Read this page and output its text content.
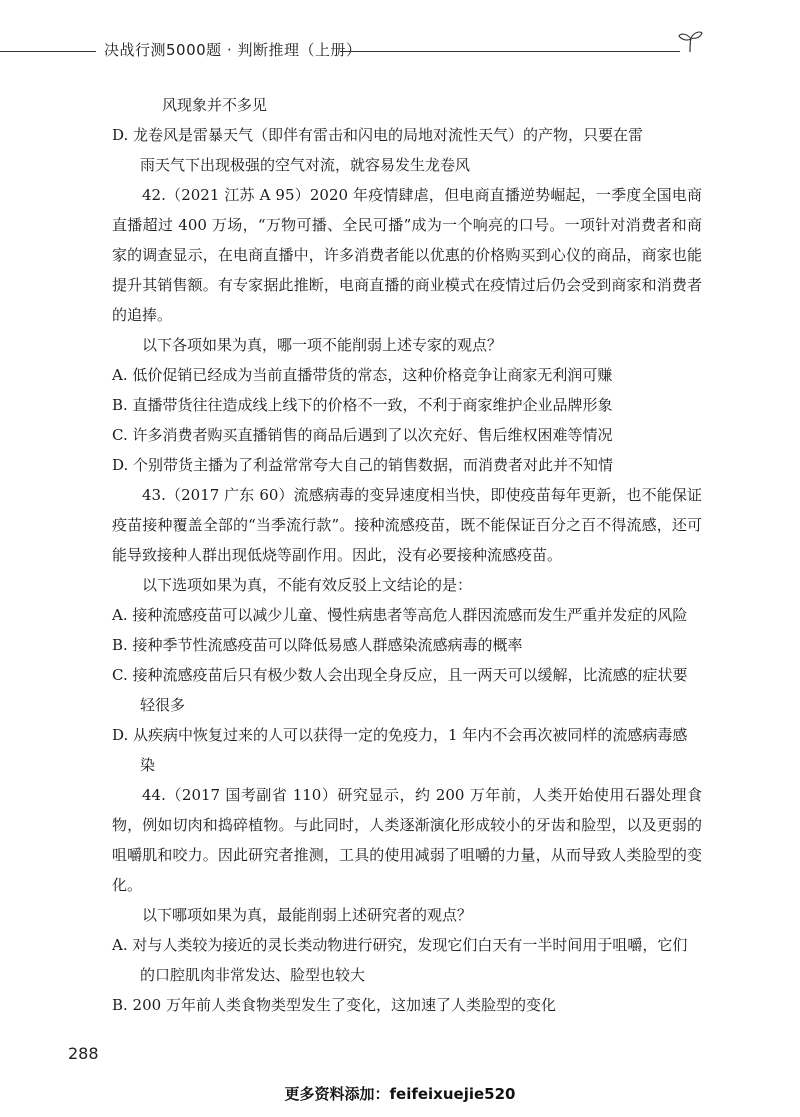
决战行测5000题 · 判断推理（上册）

风现象并不多见

D. 龙卷风是雷暴天气（即伴有雷击和闪电的局地对流性天气）的产物，只要在雷
雨天气下出现极强的空气对流，就容易发生龙卷风

42.（2021 江苏 A 95）2020 年疫情肆虐，但电商直播逆势崛起，一季度全国电商直播超过 400 万场，“万物可播、全民可播”成为一个响亮的口号。一项针对消费者和商家的调查显示，在电商直播中，许多消费者能以优惠的价格购买到心仪的商品，商家也能提升其销售额。有专家据此推断，电商直播的商业模式在疫情过后仍会受到商家和消费者的追捧。

以下各项如果为真，哪一项不能削弱上述专家的观点？

A. 低价促销已经成为当前直播带货的常态，这种价格竞争让商家无利润可赚

B. 直播带货往往造成线上线下的价格不一致，不利于商家维护企业品牌形象

C. 许多消费者购买直播销售的商品后遇到了以次充好、售后维权困难等情况

D. 个别带货主播为了利益常常夸大自己的销售数据，而消费者对此并不知情

43.（2017 广东 60）流感病毒的变异速度相当快，即使疫苗每年更新，也不能保证疫苗接种覆盖全部的“当季流行款”。接种流感疫苗，既不能保证百分之百不得流感，还可能导致接种人群出现低烧等副作用。因此，没有必要接种流感疫苗。

以下选项如果为真，不能有效反驳上文结论的是：

A. 接种流感疫苗可以减少儿童、慢性病患者等高危人群因流感而发生严重并发症的风险

B. 接种季节性流感疫苗可以降低易感人群感染流感病毒的概率

C. 接种流感疫苗后只有极少数人会出现全身反应，且一两天可以缓解，比流感的症状要轻很多

D. 从疾病中恢复过来的人可以获得一定的免疫力，1 年内不会再次被同样的流感病毒感染

44.（2017 国考副省 110）研究显示，约 200 万年前，人类开始使用石器处理食物，例如切肉和捣碎植物。与此同时，人类逐渐演化形成较小的牙齿和脸型，以及更弱的咀嚼肌和咬力。因此研究者推测，工具的使用减弱了咀嚼的力量，从而导致人类脸型的变化。

以下哪项如果为真，最能削弱上述研究者的观点？

A. 对与人类较为接近的灵长类动物进行研究，发现它们白天有一半时间用于咀嚼，它们的口腔肌肉非常发达、脸型也较大

B. 200 万年前人类食物类型发生了变化，这加速了人类脸型的变化

288
更多资料添加：feifeixuejie520
